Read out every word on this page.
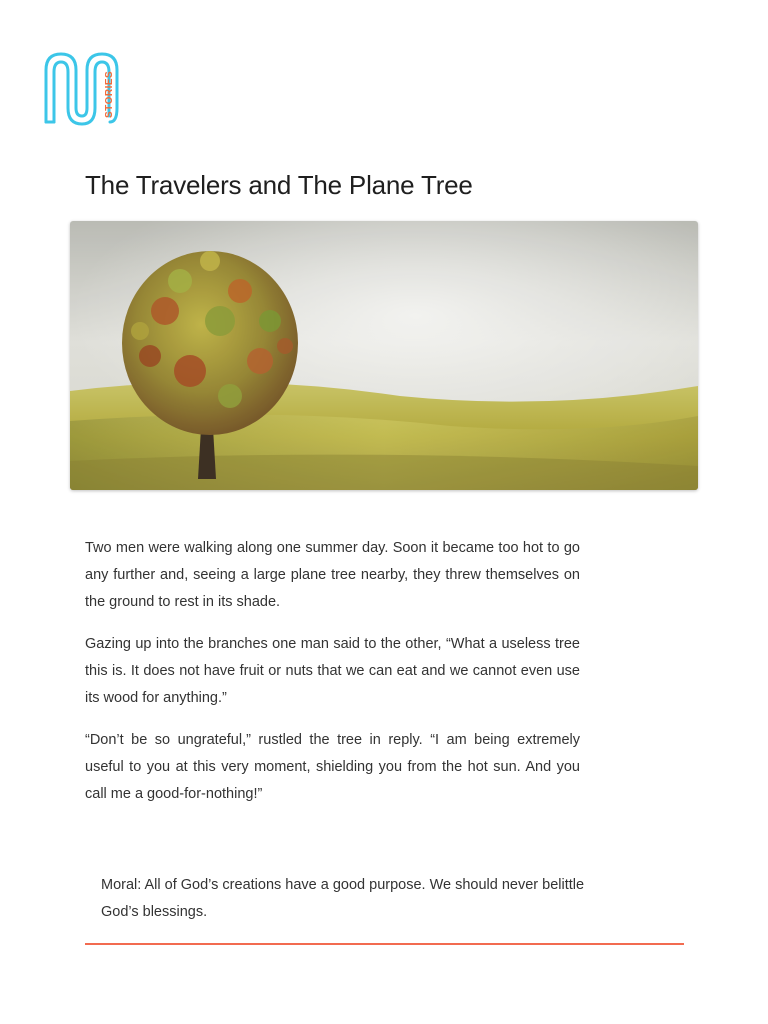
STORIES
The Travelers and The Plane Tree

Two men were walking along one summer day. Soon it became too hot to go any further and, seeing a large plane tree nearby, they threw themselves on the ground to rest in its shade.

Gazing up into the branches one man said to the other, “What a useless tree this is. It does not have fruit or nuts that we can eat and we cannot even use its wood for anything.”

“Don’t be so ungrateful,” rustled the tree in reply. “I am being extremely useful to you at this very moment, shielding you from the hot sun. And you call me a good-for-nothing!”

Moral: All of God’s creations have a good purpose. We should never belittle God’s blessings.
